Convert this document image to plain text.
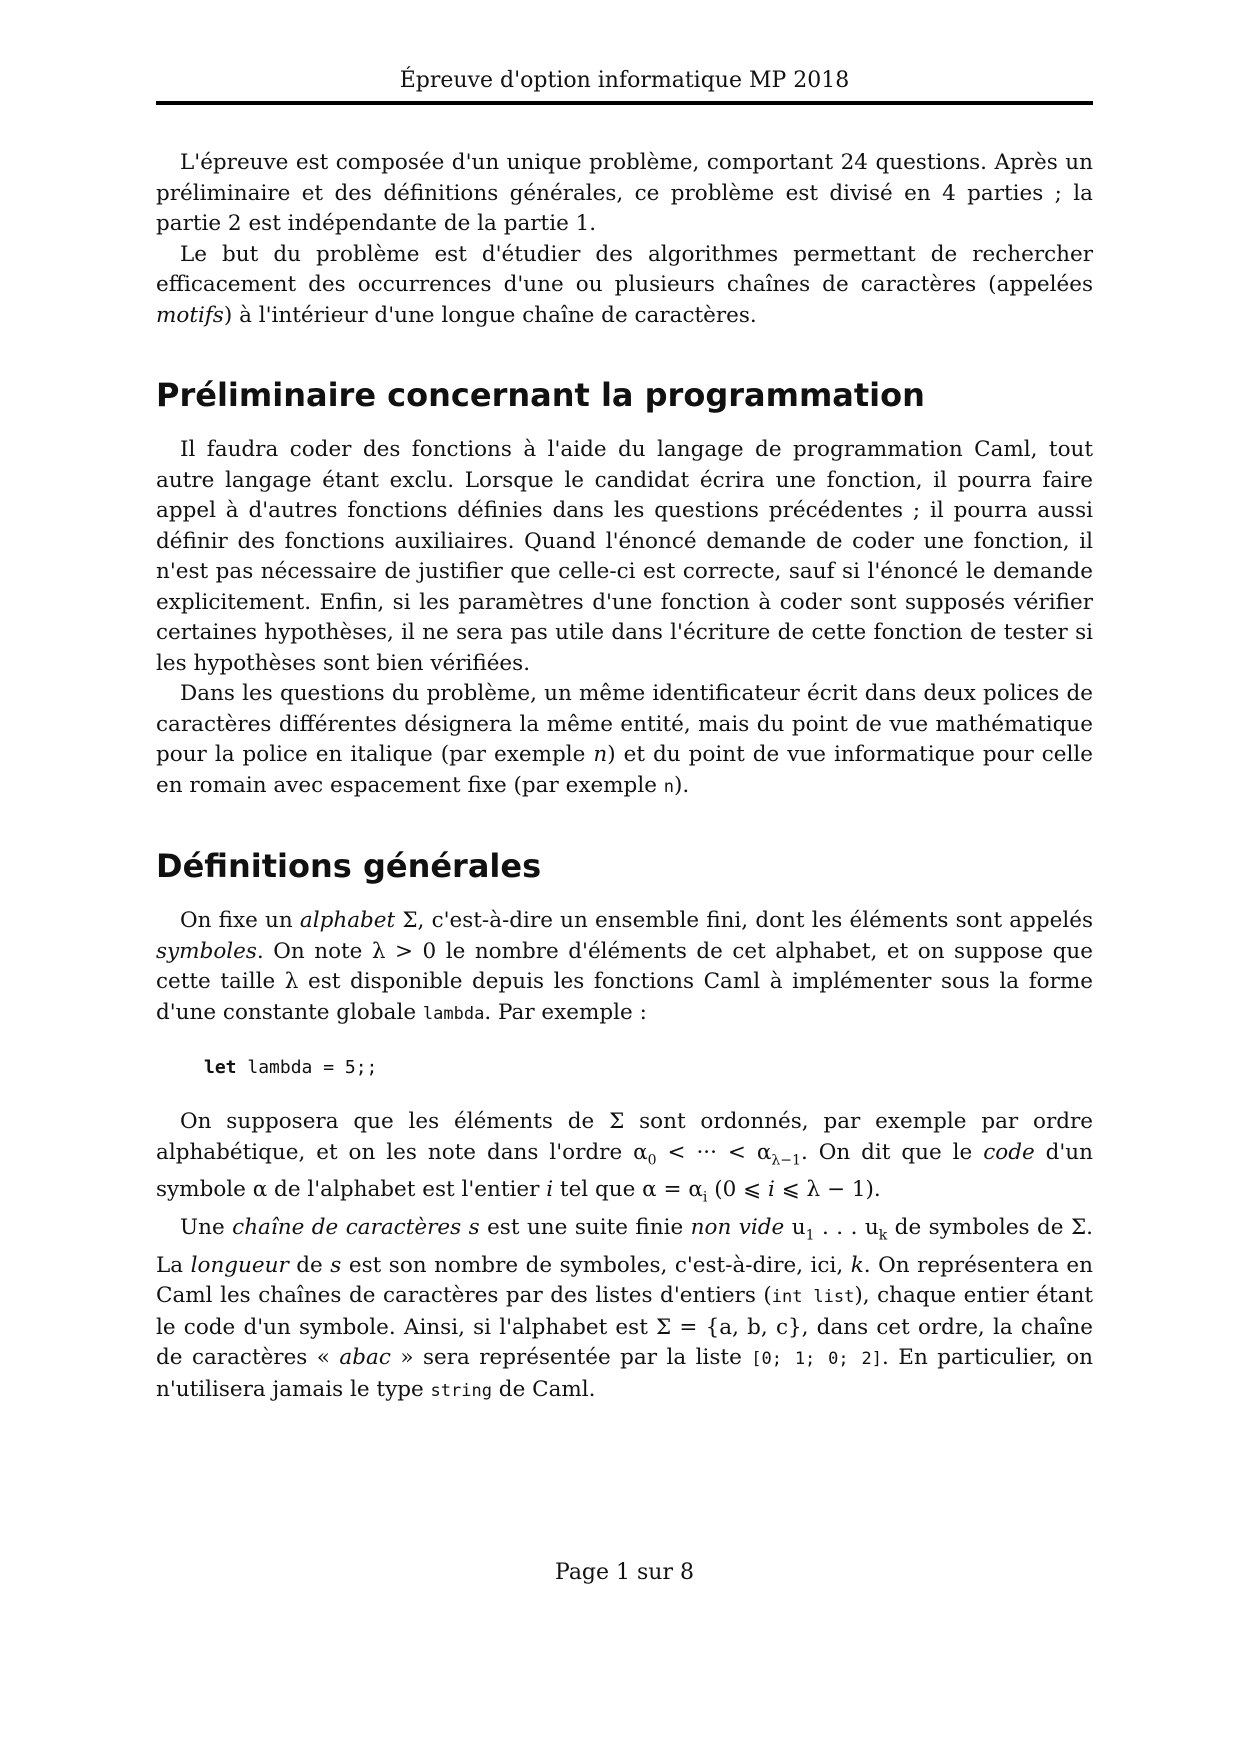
Épreuve d'option informatique MP 2018

L'épreuve est composée d'un unique problème, comportant 24 questions. Après un préliminaire et des définitions générales, ce problème est divisé en 4 parties ; la partie 2 est indépendante de la partie 1.

Le but du problème est d'étudier des algorithmes permettant de rechercher efficacement des occurrences d'une ou plusieurs chaînes de caractères (appelées motifs) à l'intérieur d'une longue chaîne de caractères.

Préliminaire concernant la programmation

Il faudra coder des fonctions à l'aide du langage de programmation Caml, tout autre langage étant exclu. Lorsque le candidat écrira une fonction, il pourra faire appel à d'autres fonctions définies dans les questions précédentes ; il pourra aussi définir des fonctions auxiliaires. Quand l'énoncé demande de coder une fonction, il n'est pas nécessaire de justifier que celle-ci est correcte, sauf si l'énoncé le demande explicitement. Enfin, si les paramètres d'une fonction à coder sont supposés vérifier certaines hypothèses, il ne sera pas utile dans l'écriture de cette fonction de tester si les hypothèses sont bien vérifiées.

Dans les questions du problème, un même identificateur écrit dans deux polices de caractères différentes désignera la même entité, mais du point de vue mathématique pour la police en italique (par exemple n) et du point de vue informatique pour celle en romain avec espacement fixe (par exemple n).

Définitions générales

On fixe un alphabet Σ, c'est-à-dire un ensemble fini, dont les éléments sont appelés symboles. On note λ > 0 le nombre d'éléments de cet alphabet, et on suppose que cette taille λ est disponible depuis les fonctions Caml à implémenter sous la forme d'une constante globale lambda. Par exemple :

let lambda = 5;;

On supposera que les éléments de Σ sont ordonnés, par exemple par ordre alphabétique, et on les note dans l'ordre $\alpha_0$ < ··· < $\alpha_{\lambda-1}$. On dit que le code d'un symbole α de l'alphabet est l'entier i tel que $\alpha = \alpha_i$ (0 ⩽ i ⩽ λ − 1).

Une chaîne de caractères s est une suite finie non vide $u_1$ . . . $u_k$ de symboles de Σ. La longueur de s est son nombre de symboles, c'est-à-dire, ici, k. On représentera en Caml les chaînes de caractères par des listes d'entiers (int list), chaque entier étant le code d'un symbole. Ainsi, si l'alphabet est Σ = {a, b, c}, dans cet ordre, la chaîne de caractères « abac » sera représentée par la liste [0; 1; 0; 2]. En particulier, on n'utilisera jamais le type string de Caml.

Page 1 sur 8
